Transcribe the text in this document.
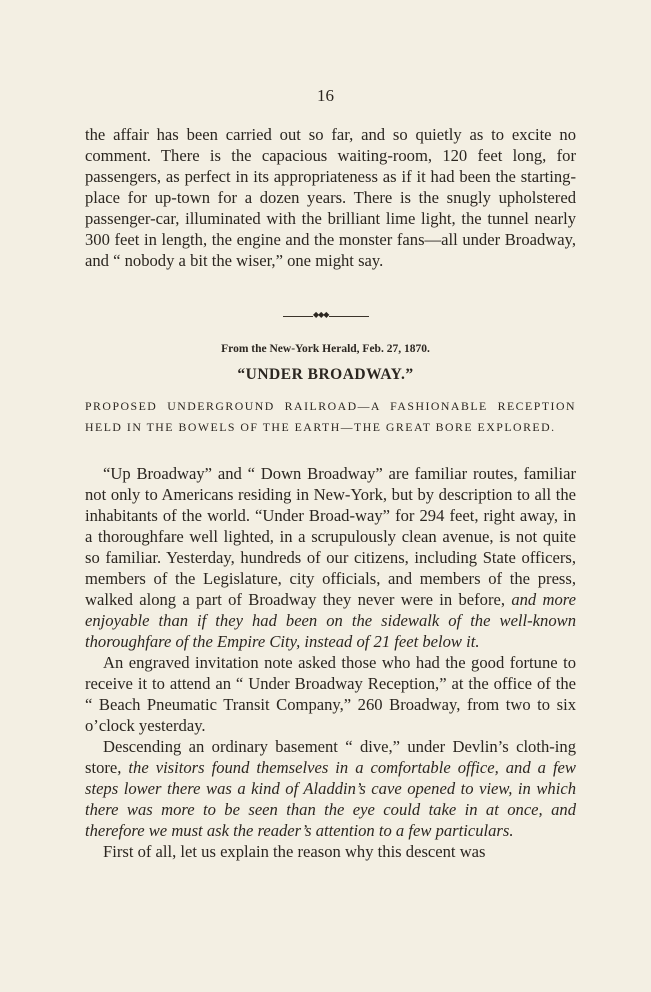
16

the affair has been carried out so far, and so quietly as to excite no comment. There is the capacious waiting-room, 120 feet long, for passengers, as perfect in its appropriateness as if it had been the starting-place for up-town for a dozen years. There is the snugly upholstered passenger-car, illuminated with the brilliant lime light, the tunnel nearly 300 feet in length, the engine and the monster fans—all under Broadway, and “ nobody a bit the wiser,” one might say.

◆◆◆
From the New-York Herald, Feb. 27, 1870.
“UNDER BROADWAY.”
PROPOSED UNDERGROUND RAILROAD—A FASHIONABLE RECEPTION HELD IN THE BOWELS OF THE EARTH—THE GREAT BORE EXPLORED.

“Up Broadway” and “ Down Broadway” are familiar routes, familiar not only to Americans residing in New-York, but by description to all the inhabitants of the world. “Under Broad-way” for 294 feet, right away, in a thoroughfare well lighted, in a scrupulously clean avenue, is not quite so familiar. Yesterday, hundreds of our citizens, including State officers, members of the Legislature, city officials, and members of the press, walked along a part of Broadway they never were in before, and more enjoyable than if they had been on the sidewalk of the well-known thoroughfare of the Empire City, instead of 21 feet below it.

An engraved invitation note asked those who had the good fortune to receive it to attend an “ Under Broadway Reception,” at the office of the “ Beach Pneumatic Transit Company,” 260 Broadway, from two to six o’clock yesterday.

Descending an ordinary basement “ dive,” under Devlin’s cloth-ing store, the visitors found themselves in a comfortable office, and a few steps lower there was a kind of Aladdin’s cave opened to view, in which there was more to be seen than the eye could take in at once, and therefore we must ask the reader’s attention to a few particulars.

First of all, let us explain the reason why this descent was
